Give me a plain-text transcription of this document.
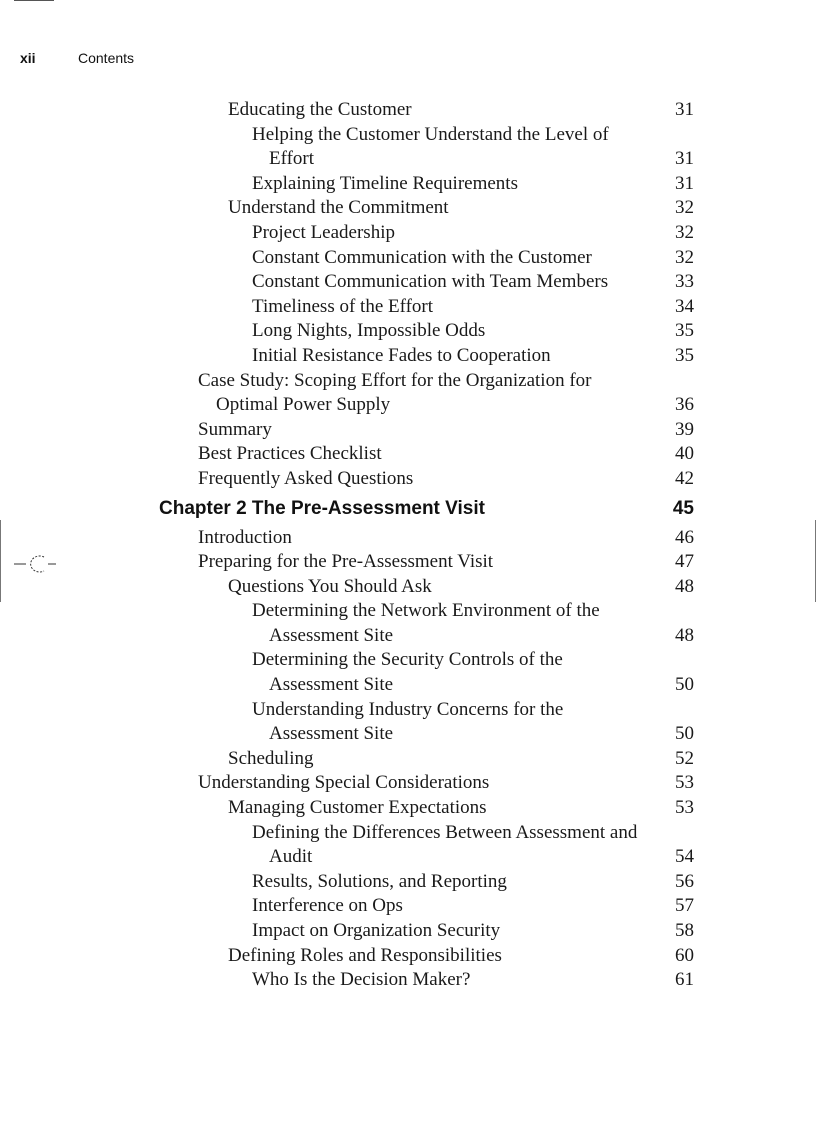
xii	Contents
Educating the Customer	31
Helping the Customer Understand the Level of Effort	31
Explaining Timeline Requirements	31
Understand the Commitment	32
Project Leadership	32
Constant Communication with the Customer	32
Constant Communication with Team Members	33
Timeliness of the Effort	34
Long Nights, Impossible Odds	35
Initial Resistance Fades to Cooperation	35
Case Study: Scoping Effort for the Organization for Optimal Power Supply	36
Summary	39
Best Practices Checklist	40
Frequently Asked Questions	42
Chapter 2 The Pre-Assessment Visit	45
Introduction	46
Preparing for the Pre-Assessment Visit	47
Questions You Should Ask	48
Determining the Network Environment of the Assessment Site	48
Determining the Security Controls of the Assessment Site	50
Understanding Industry Concerns for the Assessment Site	50
Scheduling	52
Understanding Special Considerations	53
Managing Customer Expectations	53
Defining the Differences Between Assessment and Audit	54
Results, Solutions, and Reporting	56
Interference on Ops	57
Impact on Organization Security	58
Defining Roles and Responsibilities	60
Who Is the Decision Maker?	61
